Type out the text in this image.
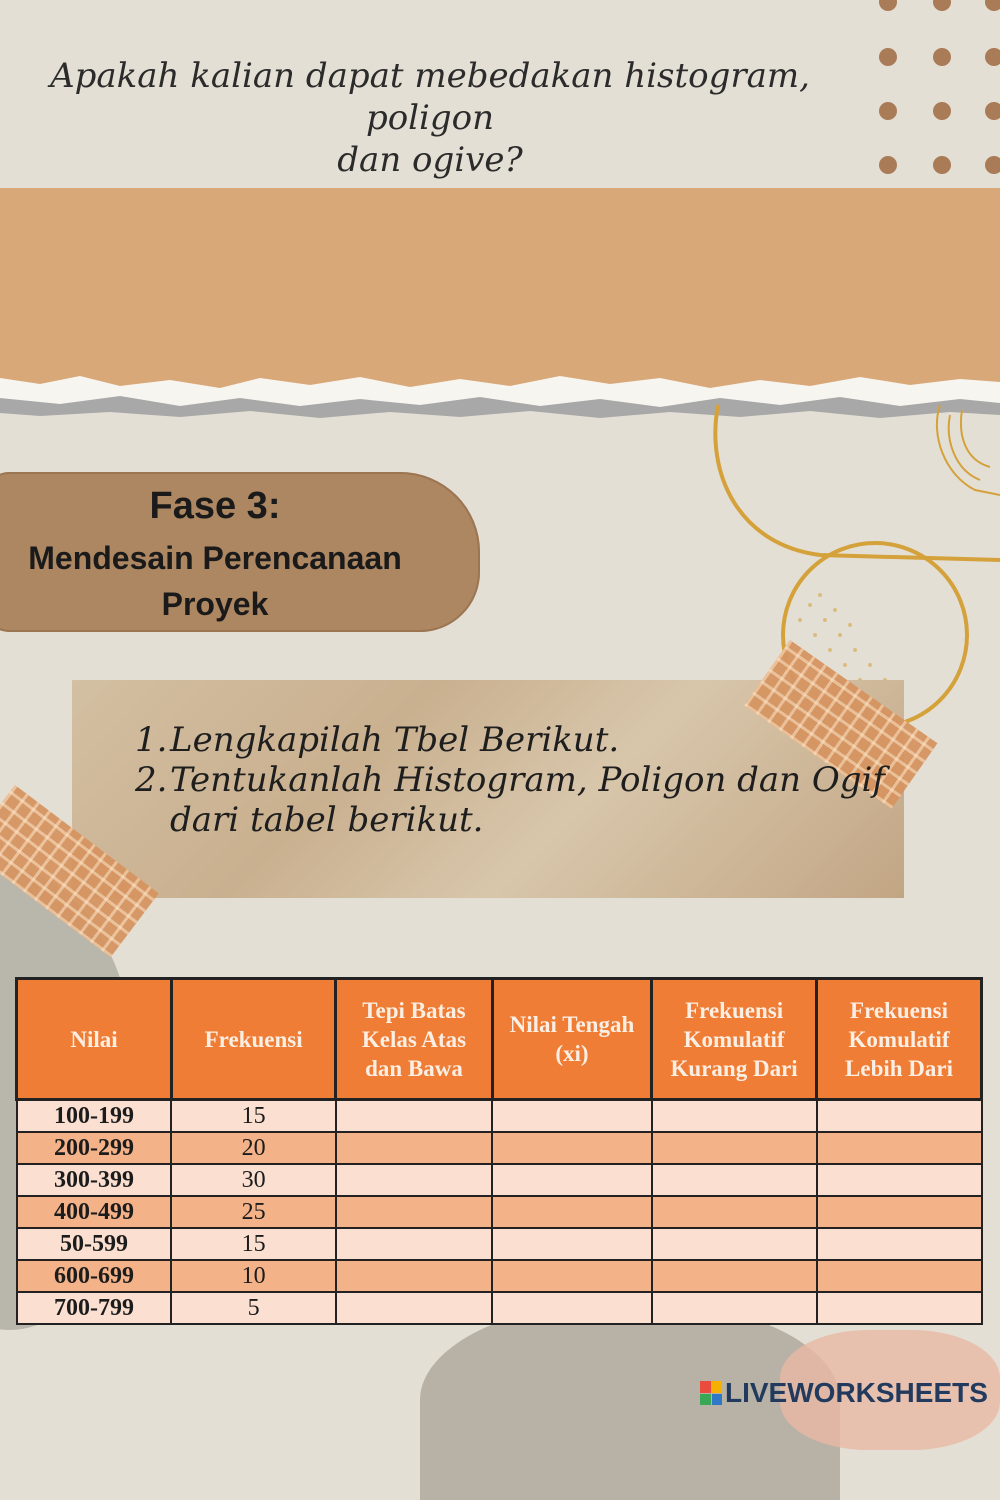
Apakah kalian dapat mebedakan histogram, poligon
dan ogive?
Fase 3:
Mendesain Perencanaan
Proyek
1. Lengkapilah Tbel Berikut.
2. Tentukanlah Histogram, Poligon dan Ogif
dari tabel berikut.
Nilai	Frekuensi	Tepi Batas Kelas Atas dan Bawa	Nilai Tengah (xi)	Frekuensi Komulatif Kurang Dari	Frekuensi Komulatif Lebih Dari
100-199	15				
200-299	20				
300-399	30				
400-499	25				
50-599	15				
600-699	10				
700-799	5				
LIVEWORKSHEETS
